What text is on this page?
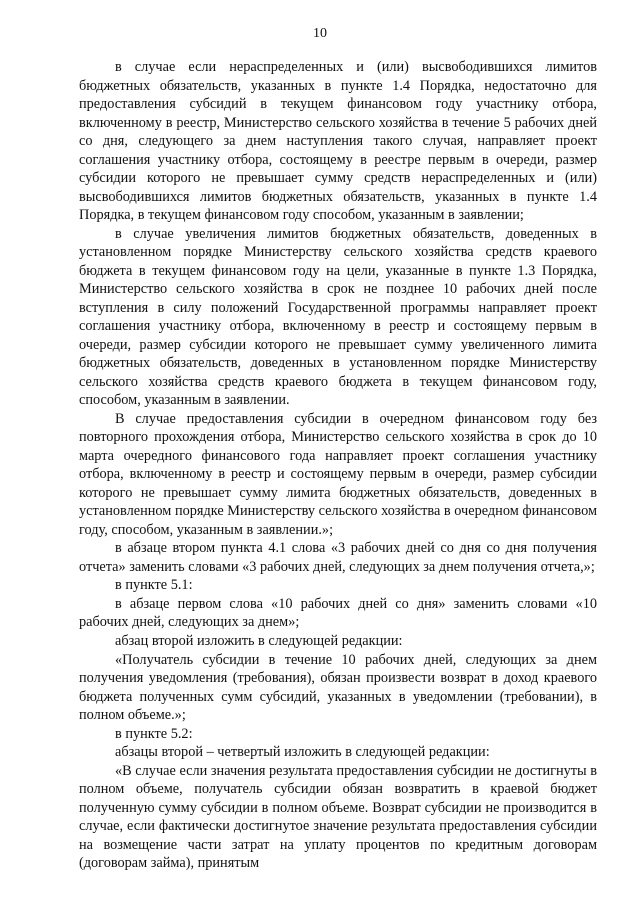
10

в случае если нераспределенных и (или) высвободившихся лимитов бюджетных обязательств, указанных в пункте 1.4 Порядка, недостаточно для предоставления субсидий в текущем финансовом году участнику отбора, включенному в реестр, Министерство сельского хозяйства в течение 5 рабочих дней со дня, следующего за днем наступления такого случая, направляет проект соглашения участнику отбора, состоящему в реестре первым в очереди, размер субсидии которого не превышает сумму средств нераспределенных и (или) высвободившихся лимитов бюджетных обязательств, указанных в пункте 1.4 Порядка, в текущем финансовом году способом, указанным в заявлении;

в случае увеличения лимитов бюджетных обязательств, доведенных в установленном порядке Министерству сельского хозяйства средств краевого бюджета в текущем финансовом году на цели, указанные в пункте 1.3 Порядка, Министерство сельского хозяйства в срок не позднее 10 рабочих дней после вступления в силу положений Государственной программы направляет проект соглашения участнику отбора, включенному в реестр и состоящему первым в очереди, размер субсидии которого не превышает сумму увеличенного лимита бюджетных обязательств, доведенных в установленном порядке Министерству сельского хозяйства средств краевого бюджета в текущем финансовом году, способом, указанным в заявлении.

В случае предоставления субсидии в очередном финансовом году без повторного прохождения отбора, Министерство сельского хозяйства в срок до 10 марта очередного финансового года направляет проект соглашения участнику отбора, включенному в реестр и состоящему первым в очереди, размер субсидии которого не превышает сумму лимита бюджетных обязательств, доведенных в установленном порядке Министерству сельского хозяйства в очередном финансовом году, способом, указанным в заявлении.»;

в абзаце втором пункта 4.1 слова «3 рабочих дней со дня со дня получения отчета» заменить словами «3 рабочих дней, следующих за днем получения отчета,»;

в пункте 5.1:

в абзаце первом слова «10 рабочих дней со дня» заменить словами «10 рабочих дней, следующих за днем»;

абзац второй изложить в следующей редакции:

«Получатель субсидии в течение 10 рабочих дней, следующих за днем получения уведомления (требования), обязан произвести возврат в доход краевого бюджета полученных сумм субсидий, указанных в уведомлении (требовании), в полном объеме.»;

в пункте 5.2:

абзацы второй – четвертый изложить в следующей редакции:

«В случае если значения результата предоставления субсидии не достигнуты в полном объеме, получатель субсидии обязан возвратить в краевой бюджет полученную сумму субсидии в полном объеме. Возврат субсидии не производится в случае, если фактически достигнутое значение результата предоставления субсидии на возмещение части затрат на уплату процентов по кредитным договорам (договорам займа), принятым
